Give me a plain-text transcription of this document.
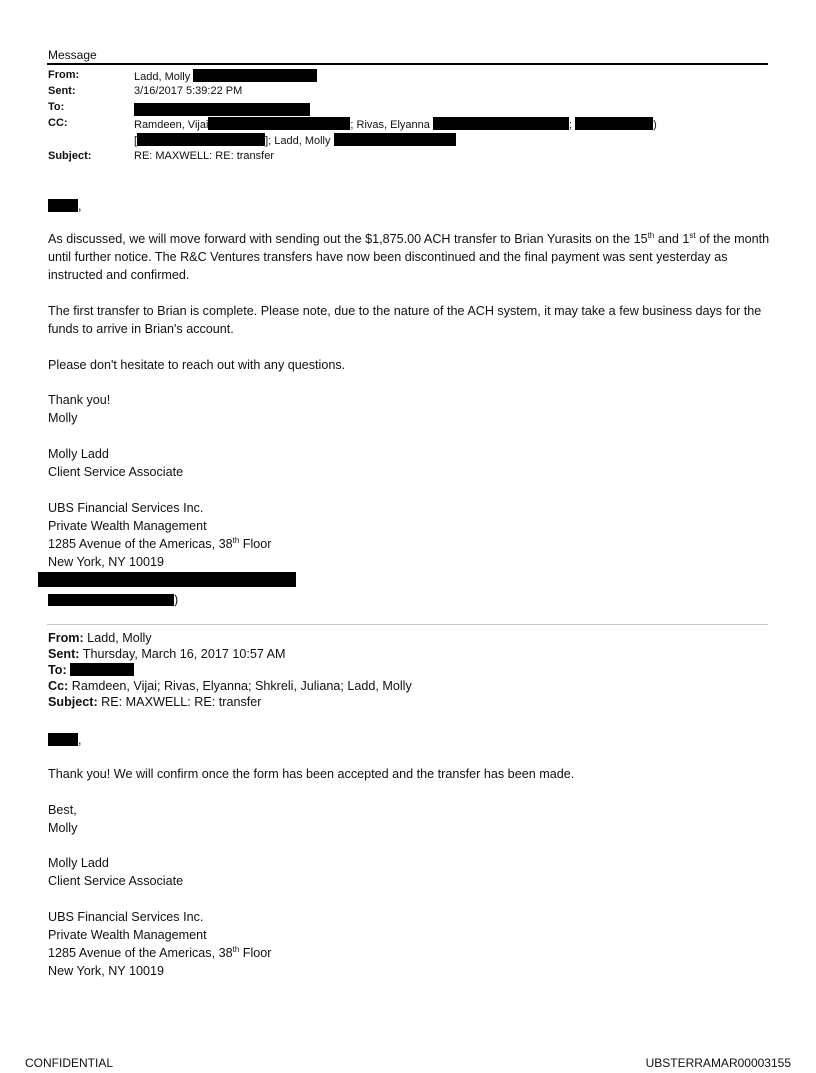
Message
From:	Ladd, Molly
Sent:	3/16/2017 5:39:22 PM
To:
CC:	Ramdeen, Vijai	; Rivas, Elyanna	;	)
[	]; Ladd, Molly
Subject:	RE: MAXWELL: RE: transfer
,

As discussed, we will move forward with sending out the $1,875.00 ACH transfer to Brian Yurasits on the 15th and 1st of the month until further notice. The R&C Ventures transfers have now been discontinued and the final payment was sent yesterday as instructed and confirmed.

The first transfer to Brian is complete. Please note, due to the nature of the ACH system, it may take a few business days for the funds to arrive in Brian's account.
Please don't hesitate to reach out with any questions.

Thank you!

Molly

Molly Ladd

Client Service Associate

UBS Financial Services Inc.

Private Wealth Management

1285 Avenue of the Americas, 38th Floor

New York, NY 10019

)
From: Ladd, Molly
Sent: Thursday, March 16, 2017 10:57 AM
To:
Cc: Ramdeen, Vijai; Rivas, Elyanna; Shkreli, Juliana; Ladd, Molly
Subject: RE: MAXWELL: RE: transfer
,
Thank you! We will confirm once the form has been accepted and the transfer has been made.

Best,

Molly

Molly Ladd

Client Service Associate

UBS Financial Services Inc.

Private Wealth Management

1285 Avenue of the Americas, 38th Floor

New York, NY 10019

CONFIDENTIAL	UBSTERRAMAR00003155
